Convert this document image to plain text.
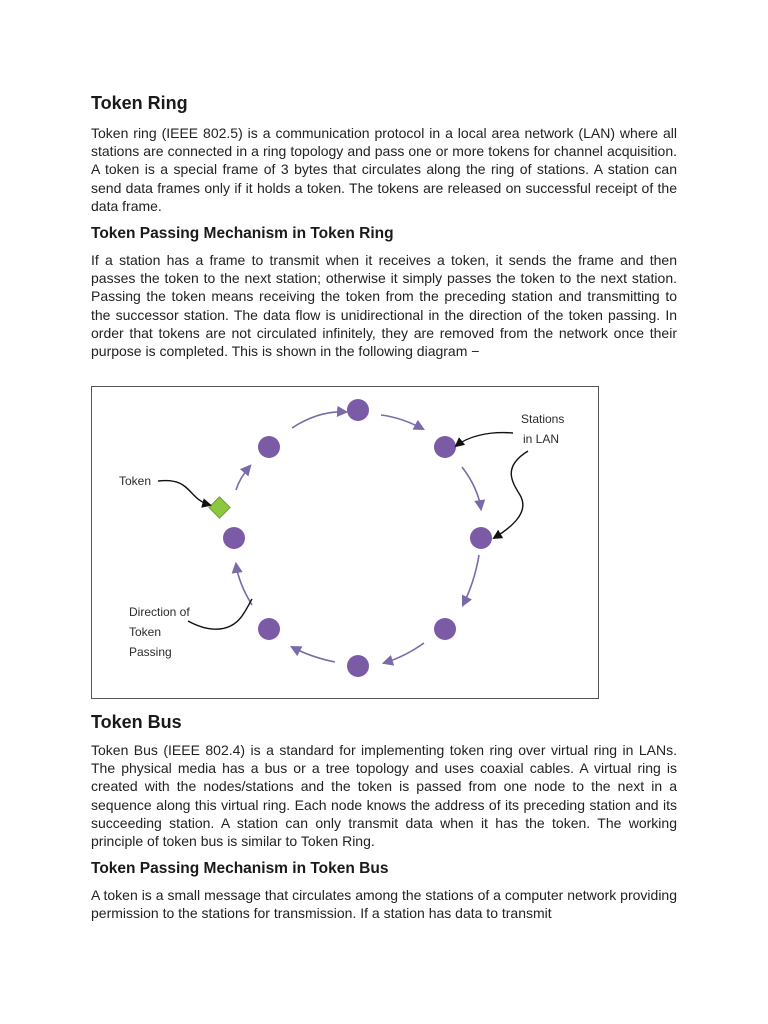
Token Ring

Token ring (IEEE 802.5) is a communication protocol in a local area network (LAN) where all stations are connected in a ring topology and pass one or more tokens for channel acquisition. A token is a special frame of 3 bytes that circulates along the ring of stations. A station can send data frames only if it holds a token. The tokens are released on successful receipt of the data frame.

Token Passing Mechanism in Token Ring

If a station has a frame to transmit when it receives a token, it sends the frame and then passes the token to the next station; otherwise it simply passes the token to the next station. Passing the token means receiving the token from the preceding station and transmitting to the successor station. The data flow is unidirectional in the direction of the token passing. In order that tokens are not circulated infinitely, they are removed from the network once their purpose is completed. This is shown in the following diagram −

Stations
in LAN
Token
Direction of
Token
Passing
Token Bus

Token Bus (IEEE 802.4) is a standard for implementing token ring over virtual ring in LANs. The physical media has a bus or a tree topology and uses coaxial cables. A virtual ring is created with the nodes/stations and the token is passed from one node to the next in a sequence along this virtual ring. Each node knows the address of its preceding station and its succeeding station. A station can only transmit data when it has the token. The working principle of token bus is similar to Token Ring.

Token Passing Mechanism in Token Bus

A token is a small message that circulates among the stations of a computer network providing permission to the stations for transmission. If a station has data to transmit
